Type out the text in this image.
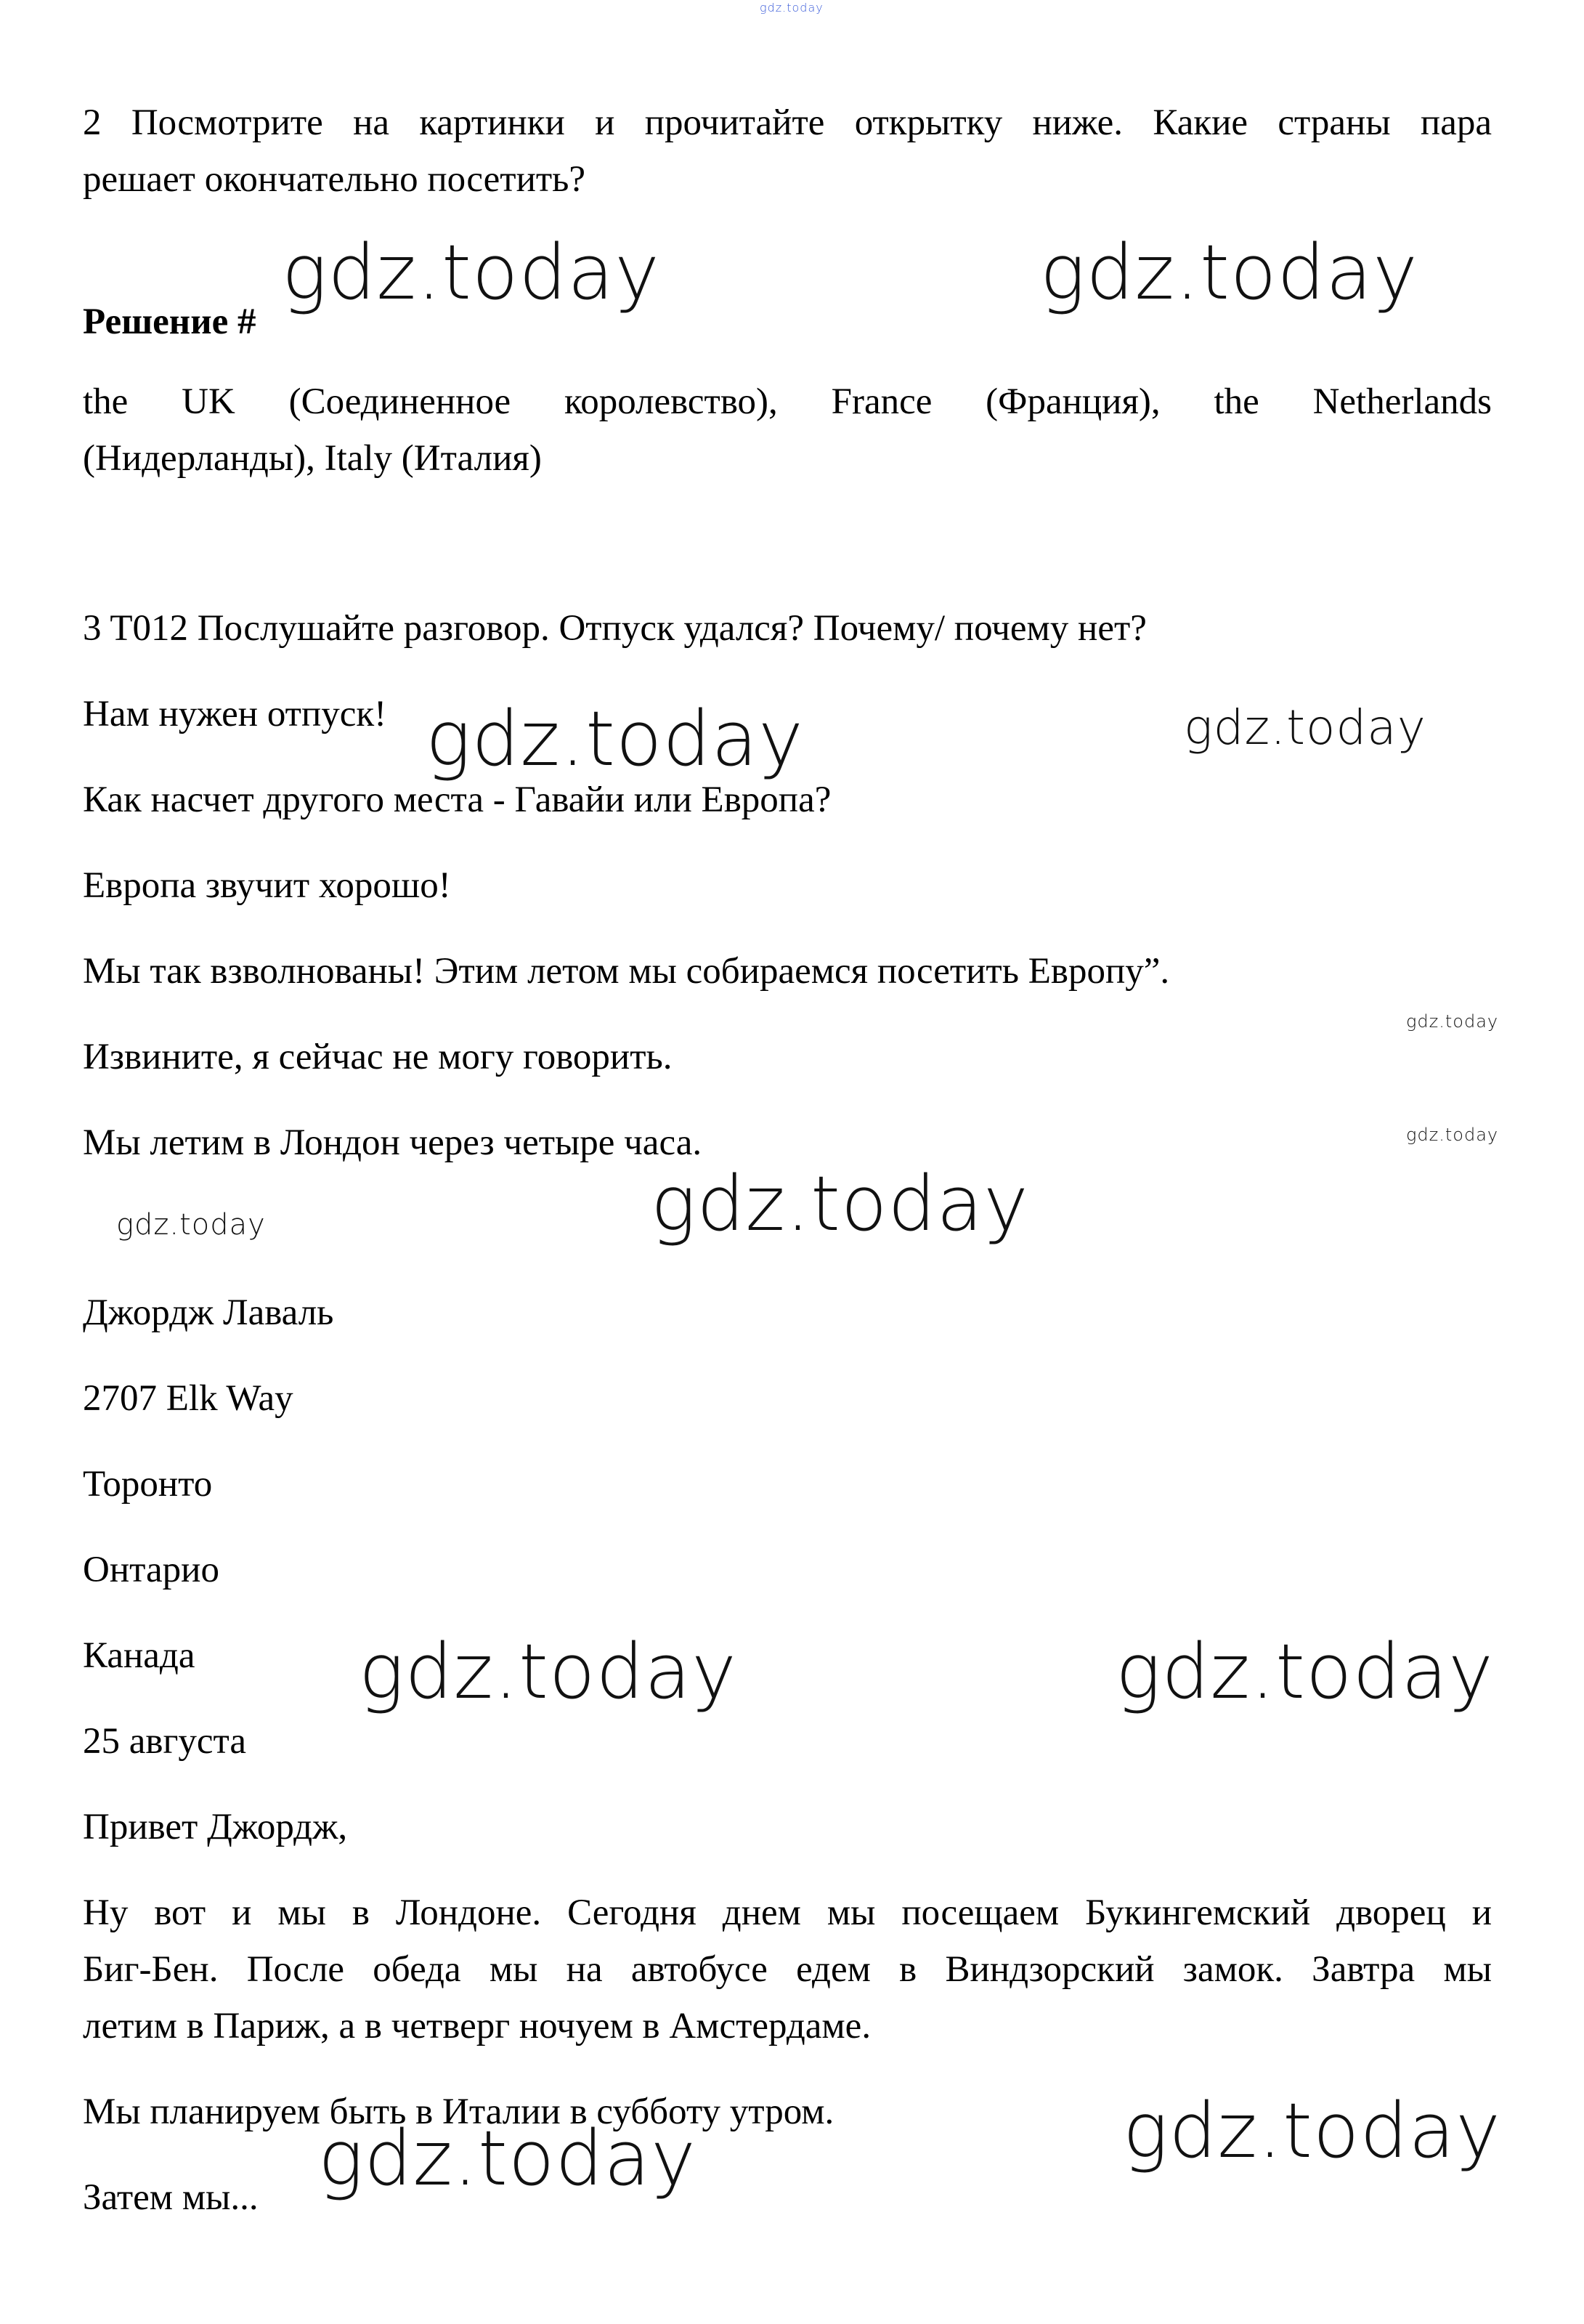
gdz.today
2 Посмотрите на картинки и прочитайте открытку ниже. Какие страны пара
решает окончательно посетить?
Решение #
the UK (Соединенное королевство), France (Франция), the Netherlands
(Нидерланды), Italy (Италия)
3 T012 Послушайте разговор. Отпуск удался? Почему/ почему нет?
Нам нужен отпуск!
Как насчет другого места - Гавайи или Европа?
Европа звучит хорошо!
Мы так взволнованы! Этим летом мы собираемся посетить Европу”.
Извините, я сейчас не могу говорить.
Мы летим в Лондон через четыре часа.
Джордж Лаваль
2707 Elk Way
Торонто
Онтарио
Канада
25 августа
Привет Джордж,
Ну вот и мы в Лондоне. Сегодня днем мы посещаем Букингемский дворец и
Биг-Бен. После обеда мы на автобусе едем в Виндзорский замок. Завтра мы
летим в Париж, а в четверг ночуем в Амстердаме.
Мы планируем быть в Италии в субботу утром.
Затем мы...
gdz.today	gdz.today
gdz.today	gdz.today
gdz.today
gdz.today
gdz.today	gdz.today
gdz.today	gdz.today
gdz.today
gdz.today
